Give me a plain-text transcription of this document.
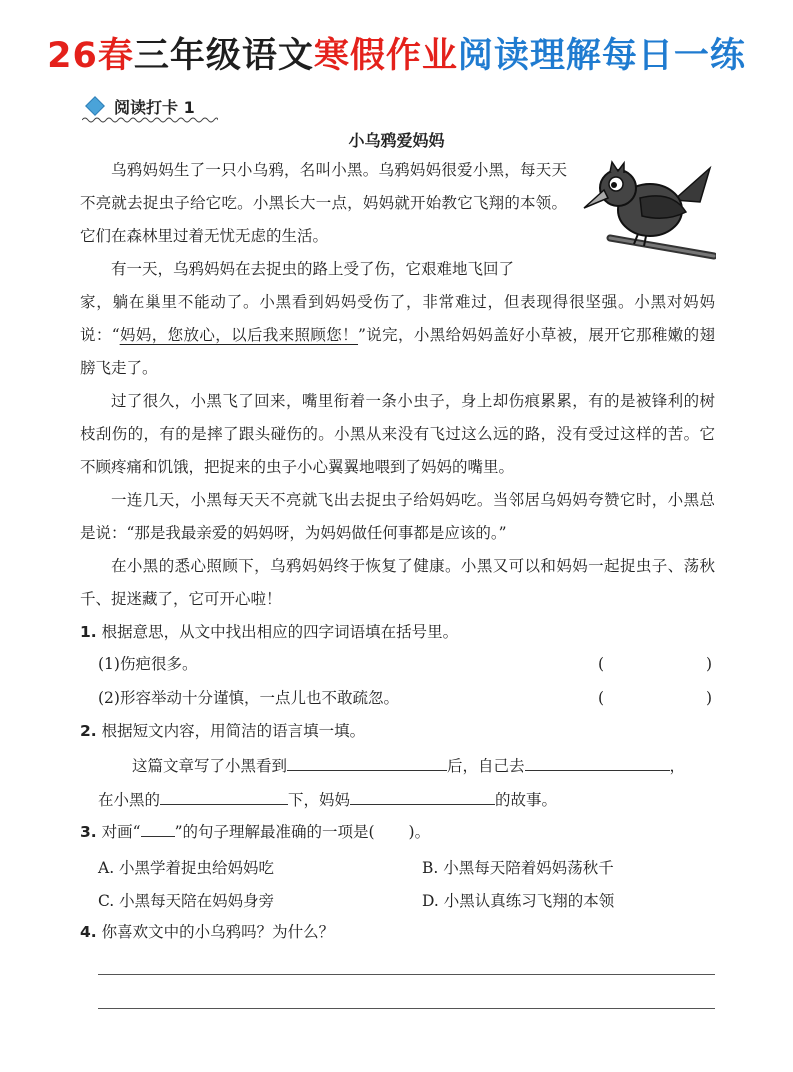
26春三年级语文寒假作业阅读理解每日一练
阅读打卡 1
小乌鸦爱妈妈
乌鸦妈妈生了一只小乌鸦，名叫小黑。乌鸦妈妈很爱小黑，每天天不亮就去捉虫子给它吃。小黑长大一点，妈妈就开始教它飞翔的本领。它们在森林里过着无忧无虑的生活。
有一天，乌鸦妈妈在去捉虫的路上受了伤，它艰难地飞回了
家，躺在巢里不能动了。小黑看到妈妈受伤了，非常难过，但表现得很坚强。小黑对妈妈说：“妈妈，您放心，以后我来照顾您！”说完，小黑给妈妈盖好小草被，展开它那稚嫩的翅膀飞走了。
过了很久，小黑飞了回来，嘴里衔着一条小虫子，身上却伤痕累累，有的是被锋利的树枝刮伤的，有的是摔了跟头碰伤的。小黑从来没有飞过这么远的路，没有受过这样的苦。它不顾疼痛和饥饿，把捉来的虫子小心翼翼地喂到了妈妈的嘴里。
一连几天，小黑每天天不亮就飞出去捉虫子给妈妈吃。当邻居乌妈妈夸赞它时，小黑总是说：“那是我最亲爱的妈妈呀，为妈妈做任何事都是应该的。”
在小黑的悉心照顾下，乌鸦妈妈终于恢复了健康。小黑又可以和妈妈一起捉虫子、荡秋千、捉迷藏了，它可开心啦！
1. 根据意思，从文中找出相应的四字词语填在括号里。
(1)伤疤很多。	(	)
(2)形容举动十分谨慎，一点儿也不敢疏忽。	(	)
2. 根据短文内容，用简洁的语言填一填。
这篇文章写了小黑看到	后，自己去	，
在小黑的	下，妈妈	的故事。
3. 对画“ ”的句子理解最准确的一项是( )。
A. 小黑学着捉虫给妈妈吃	B. 小黑每天陪着妈妈荡秋千
C. 小黑每天陪在妈妈身旁	D. 小黑认真练习飞翔的本领
4. 你喜欢文中的小乌鸦吗？为什么？
